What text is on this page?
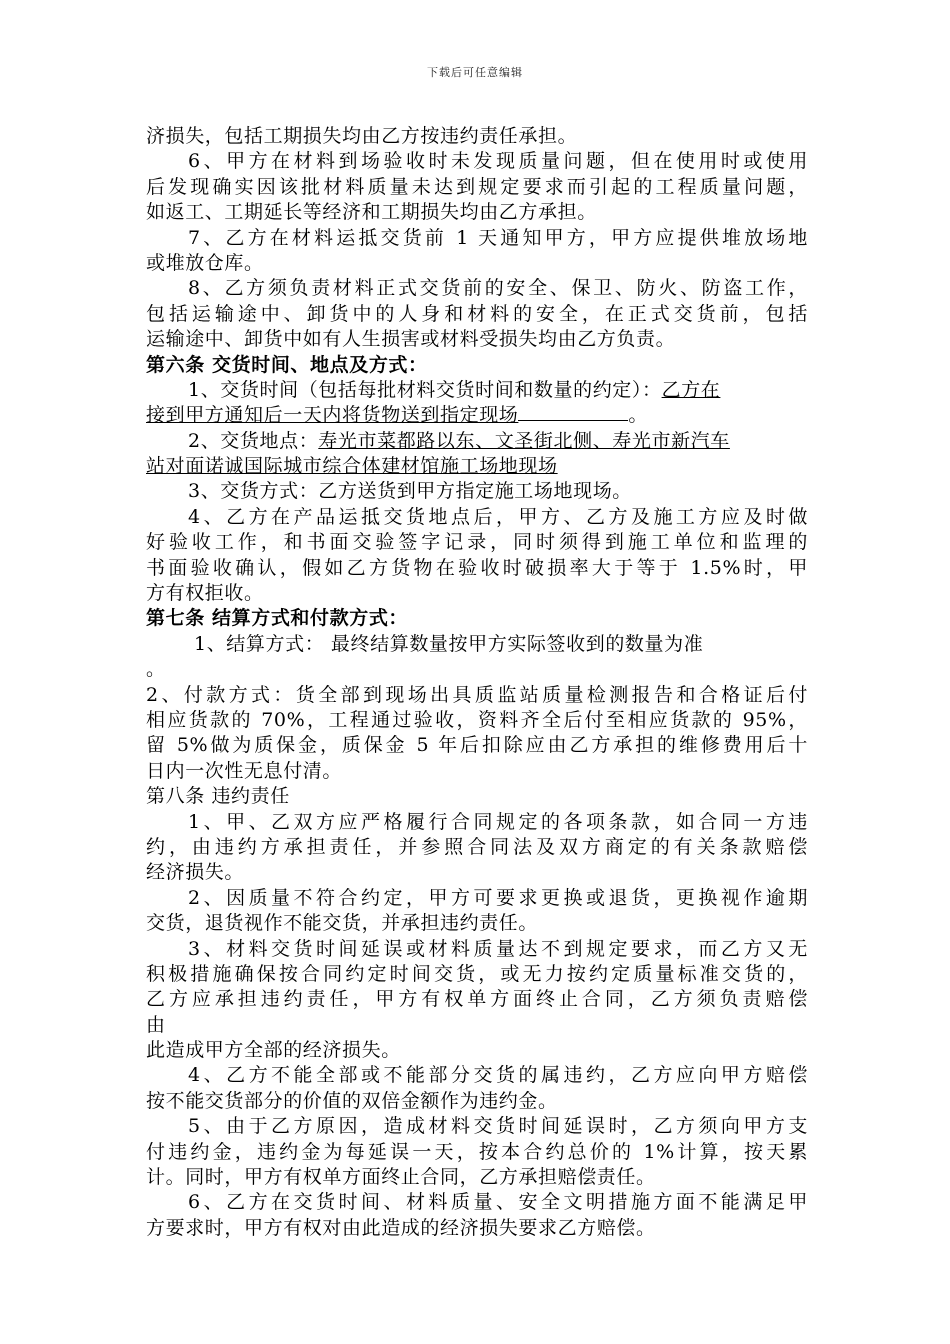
下载后可任意编辑
济损失，包括工期损失均由乙方按违约责任承担。
6、甲方在材料到场验收时未发现质量问题，但在使用时或使用
后发现确实因该批材料质量未达到规定要求而引起的工程质量问题，
如返工、工期延长等经济和工期损失均由乙方承担。
7、乙方在材料运抵交货前 1 天通知甲方，甲方应提供堆放场地
或堆放仓库。
8、乙方须负责材料正式交货前的安全、保卫、防火、防盗工作，
包括运输途中、卸货中的人身和材料的安全，在正式交货前，包括
运输途中、卸货中如有人生损害或材料受损失均由乙方负责。
第六条 交货时间、地点及方式：
1、交货时间（包括每批材料交货时间和数量的约定）：乙方在
接到甲方通知后一天内将货物送到指定现场	。
2、交货地点：寿光市菜都路以东、文圣街北侧、寿光市新汽车
站对面诺诚国际城市综合体建材馆施工场地现场
3、交货方式：乙方送货到甲方指定施工场地现场。
4、乙方在产品运抵交货地点后，甲方、乙方及施工方应及时做
好验收工作，和书面交验签字记录，同时须得到施工单位和监理的
书面验收确认，假如乙方货物在验收时破损率大于等于 1.5%时，甲
方有权拒收。
第七条 结算方式和付款方式：
1、结算方式： 最终结算数量按甲方实际签收到的数量为准
。
2、付款方式：货全部到现场出具质监站质量检测报告和合格证后付
相应货款的 70%，工程通过验收，资料齐全后付至相应货款的 95%，
留 5%做为质保金，质保金 5 年后扣除应由乙方承担的维修费用后十
日内一次性无息付清。
第八条 违约责任
1、甲、乙双方应严格履行合同规定的各项条款，如合同一方违
约，由违约方承担责任，并参照合同法及双方商定的有关条款赔偿
经济损失。
2、因质量不符合约定，甲方可要求更换或退货，更换视作逾期
交货，退货视作不能交货，并承担违约责任。
3、材料交货时间延误或材料质量达不到规定要求，而乙方又无
积极措施确保按合同约定时间交货，或无力按约定质量标准交货的，
乙方应承担违约责任，甲方有权单方面终止合同，乙方须负责赔偿
由
此造成甲方全部的经济损失。
4、乙方不能全部或不能部分交货的属违约，乙方应向甲方赔偿
按不能交货部分的价值的双倍金额作为违约金。
5、由于乙方原因，造成材料交货时间延误时，乙方须向甲方支
付违约金，违约金为每延误一天，按本合约总价的 1%计算，按天累
计。同时，甲方有权单方面终止合同，乙方承担赔偿责任。
6、乙方在交货时间、材料质量、安全文明措施方面不能满足甲
方要求时，甲方有权对由此造成的经济损失要求乙方赔偿。
